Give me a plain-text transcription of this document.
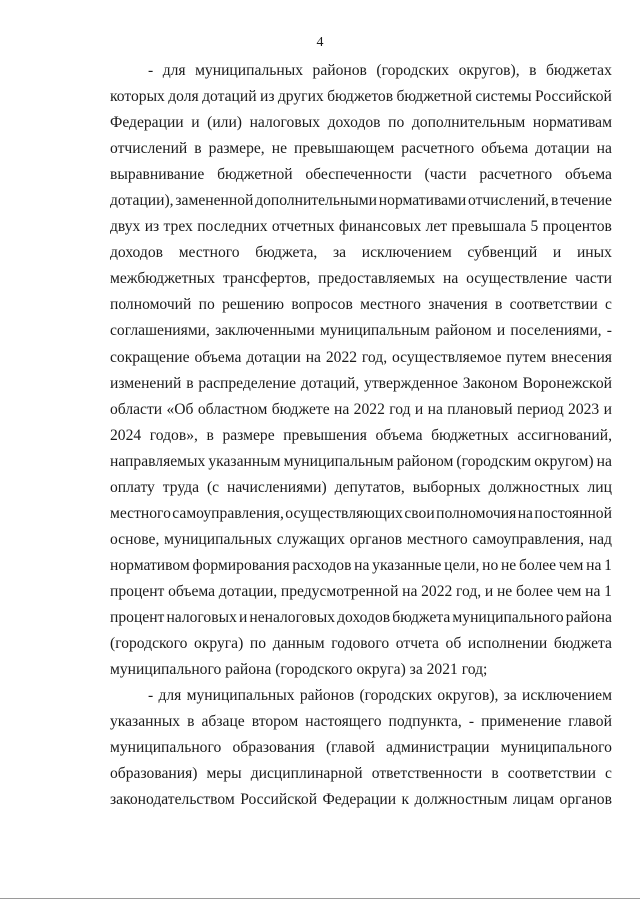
4
- для муниципальных районов (городских округов), в бюджетах
которых доля дотаций из других бюджетов бюджетной системы Российской
Федерации и (или) налоговых доходов по дополнительным нормативам
отчислений в размере, не превышающем расчетного объема дотации на
выравнивание бюджетной обеспеченности (части расчетного объема
дотации), замененной дополнительными нормативами отчислений, в течение
двух из трех последних отчетных финансовых лет превышала 5 процентов
доходов местного бюджета, за исключением субвенций и иных
межбюджетных трансфертов, предоставляемых на осуществление части
полномочий по решению вопросов местного значения в соответствии с
соглашениями, заключенными муниципальным районом и поселениями, -
сокращение объема дотации на 2022 год, осуществляемое путем внесения
изменений в распределение дотаций, утвержденное Законом Воронежской
области «Об областном бюджете на 2022 год и на плановый период 2023 и
2024 годов», в размере превышения объема бюджетных ассигнований,
направляемых указанным муниципальным районом (городским округом) на
оплату труда (с начислениями) депутатов, выборных должностных лиц
местного самоуправления, осуществляющих свои полномочия на постоянной
основе, муниципальных служащих органов местного самоуправления, над
нормативом формирования расходов на указанные цели, но не более чем на 1
процент объема дотации, предусмотренной на 2022 год, и не более чем на 1
процент налоговых и неналоговых доходов бюджета муниципального района
(городского округа) по данным годового отчета об исполнении бюджета
муниципального района (городского округа) за 2021 год;
- для муниципальных районов (городских округов), за исключением
указанных в абзаце втором настоящего подпункта, - применение главой
муниципального образования (главой администрации муниципального
образования) меры дисциплинарной ответственности в соответствии с
законодательством Российской Федерации к должностным лицам органов
